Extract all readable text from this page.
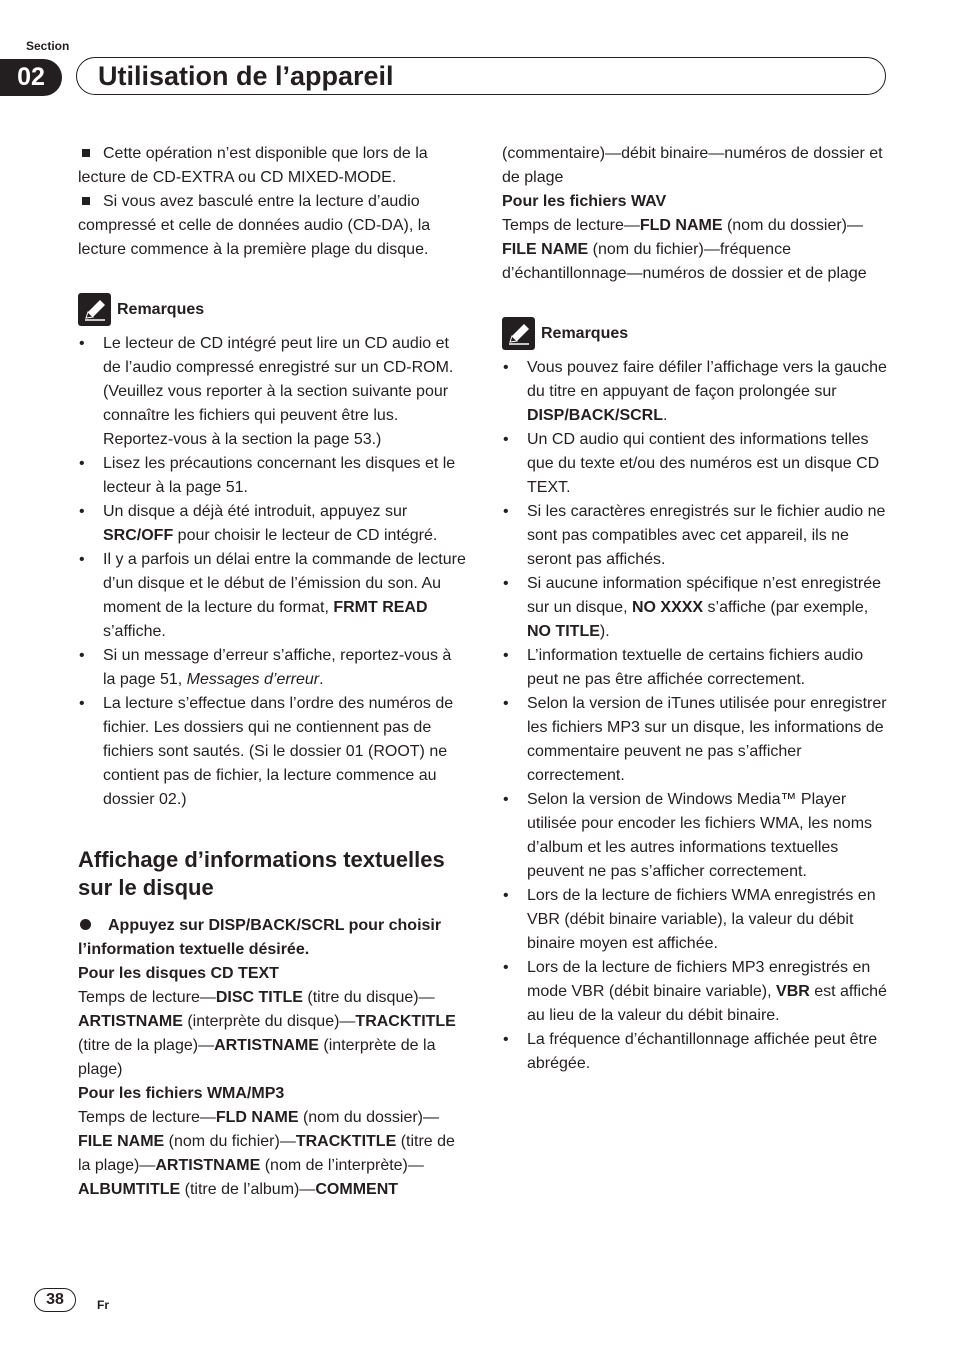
Section
02	Utilisation de l’appareil

Cette opération n’est disponible que lors de la lecture de CD-EXTRA ou CD MIXED-MODE.

Si vous avez basculé entre la lecture d’audio compressé et celle de données audio (CD-DA), la lecture commence à la première plage du disque.

Remarques
• Le lecteur de CD intégré peut lire un CD audio et de l’audio compressé enregistré sur un CD-ROM. (Veuillez vous reporter à la section suivante pour connaître les fichiers qui peuvent être lus. Reportez-vous à la section la page 53.)
• Lisez les précautions concernant les disques et le lecteur à la page 51.
• Un disque a déjà été introduit, appuyez sur SRC/OFF pour choisir le lecteur de CD intégré.
• Il y a parfois un délai entre la commande de lecture d’un disque et le début de l’émission du son. Au moment de la lecture du format, FRMT READ s’affiche.
• Si un message d’erreur s’affiche, reportez-vous à la page 51, Messages d’erreur.
• La lecture s’effectue dans l’ordre des numéros de fichier. Les dossiers qui ne contiennent pas de fichiers sont sautés. (Si le dossier 01 (ROOT) ne contient pas de fichier, la lecture commence au dossier 02.)

Affichage d’informations textuelles sur le disque

Appuyez sur DISP/BACK/SCRL pour choisir l’information textuelle désirée.

Pour les disques CD TEXT

Temps de lecture—DISC TITLE (titre du disque)—ARTISTNAME (interprète du disque)—TRACKTITLE (titre de la plage)—ARTISTNAME (interprète de la plage)

Pour les fichiers WMA/MP3

Temps de lecture—FLD NAME (nom du dossier)—FILE NAME (nom du fichier)—TRACKTITLE (titre de la plage)—ARTISTNAME (nom de l’interprète)—ALBUMTITLE (titre de l’album)—COMMENT

(commentaire)—débit binaire—numéros de dossier et de plage

Pour les fichiers WAV

Temps de lecture—FLD NAME (nom du dossier)—FILE NAME (nom du fichier)—fréquence d’échantillonnage—numéros de dossier et de plage

Remarques
• Vous pouvez faire défiler l’affichage vers la gauche du titre en appuyant de façon prolongée sur DISP/BACK/SCRL.
• Un CD audio qui contient des informations telles que du texte et/ou des numéros est un disque CD TEXT.
• Si les caractères enregistrés sur le fichier audio ne sont pas compatibles avec cet appareil, ils ne seront pas affichés.
• Si aucune information spécifique n’est enregistrée sur un disque, NO XXXX s’affiche (par exemple, NO TITLE).
• L’information textuelle de certains fichiers audio peut ne pas être affichée correctement.
• Selon la version de iTunes utilisée pour enregistrer les fichiers MP3 sur un disque, les informations de commentaire peuvent ne pas s’afficher correctement.
• Selon la version de Windows Media™ Player utilisée pour encoder les fichiers WMA, les noms d’album et les autres informations textuelles peuvent ne pas s’afficher correctement.
• Lors de la lecture de fichiers WMA enregistrés en VBR (débit binaire variable), la valeur du débit binaire moyen est affichée.
• Lors de la lecture de fichiers MP3 enregistrés en mode VBR (débit binaire variable), VBR est affiché au lieu de la valeur du débit binaire.
• La fréquence d’échantillonnage affichée peut être abrégée.
38	Fr
